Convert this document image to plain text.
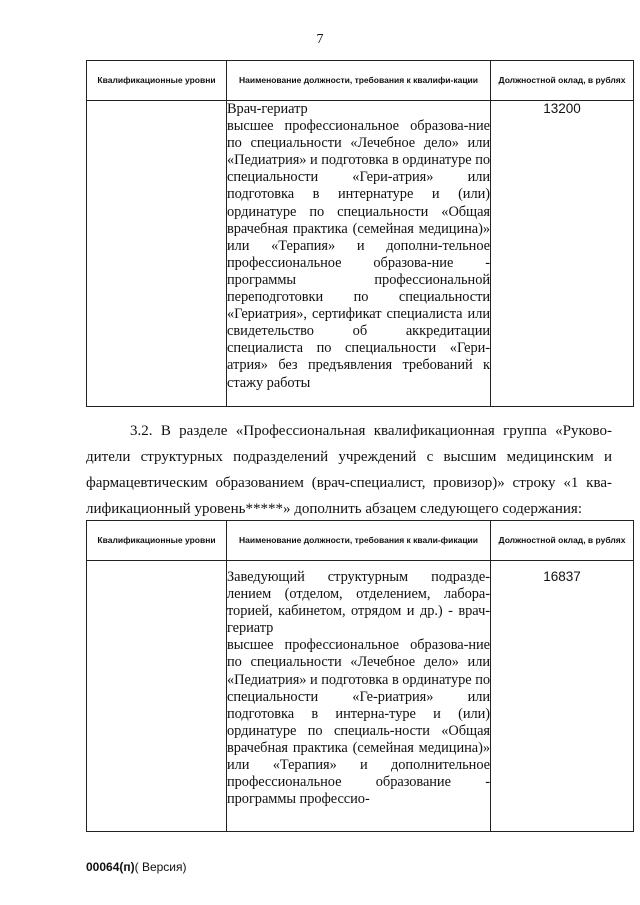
7
Квалификационные уровни	Наименование должности, требования к квалифи-кации	Должностной оклад, в рублях
	Врач-гериатр
высшее профессиональное образова-ние по специальности «Лечебное дело» или «Педиатрия» и подготовка в ординатуре по специальности «Гери-атрия» или подготовка в интернатуре и (или) ординатуре по специальности «Общая врачебная практика (семейная медицина)» или «Терапия» и дополни-тельное профессиональное образова-ние - программы профессиональной переподготовки по специальности «Гериатрия», сертификат специалиста или свидетельство об аккредитации специалиста по специальности «Гери-атрия» без предъявления требований к стажу работы	13200
3.2. В разделе «Профессиональная квалификационная группа «Руково-дители структурных подразделений учреждений с высшим медицинским и фармацевтическим образованием (врач-специалист, провизор)» строку «1 ква-лификационный уровень*****» дополнить абзацем следующего содержания:
Квалификационные уровни	Наименование должности, требования к квали-фикации	Должностной оклад, в рублях
	Заведующий структурным подразде-лением (отделом, отделением, лабора-торией, кабинетом, отрядом и др.) - врач-гериатр
высшее профессиональное образова-ние по специальности «Лечебное дело» или «Педиатрия» и подготовка в ординатуре по специальности «Ге-риатрия» или подготовка в интерна-туре и (или) ординатуре по специаль-ности «Общая врачебная практика (семейная медицина)» или «Терапия» и дополнительное профессиональное образование - программы профессио-	16837
00064(п)( Версия)
